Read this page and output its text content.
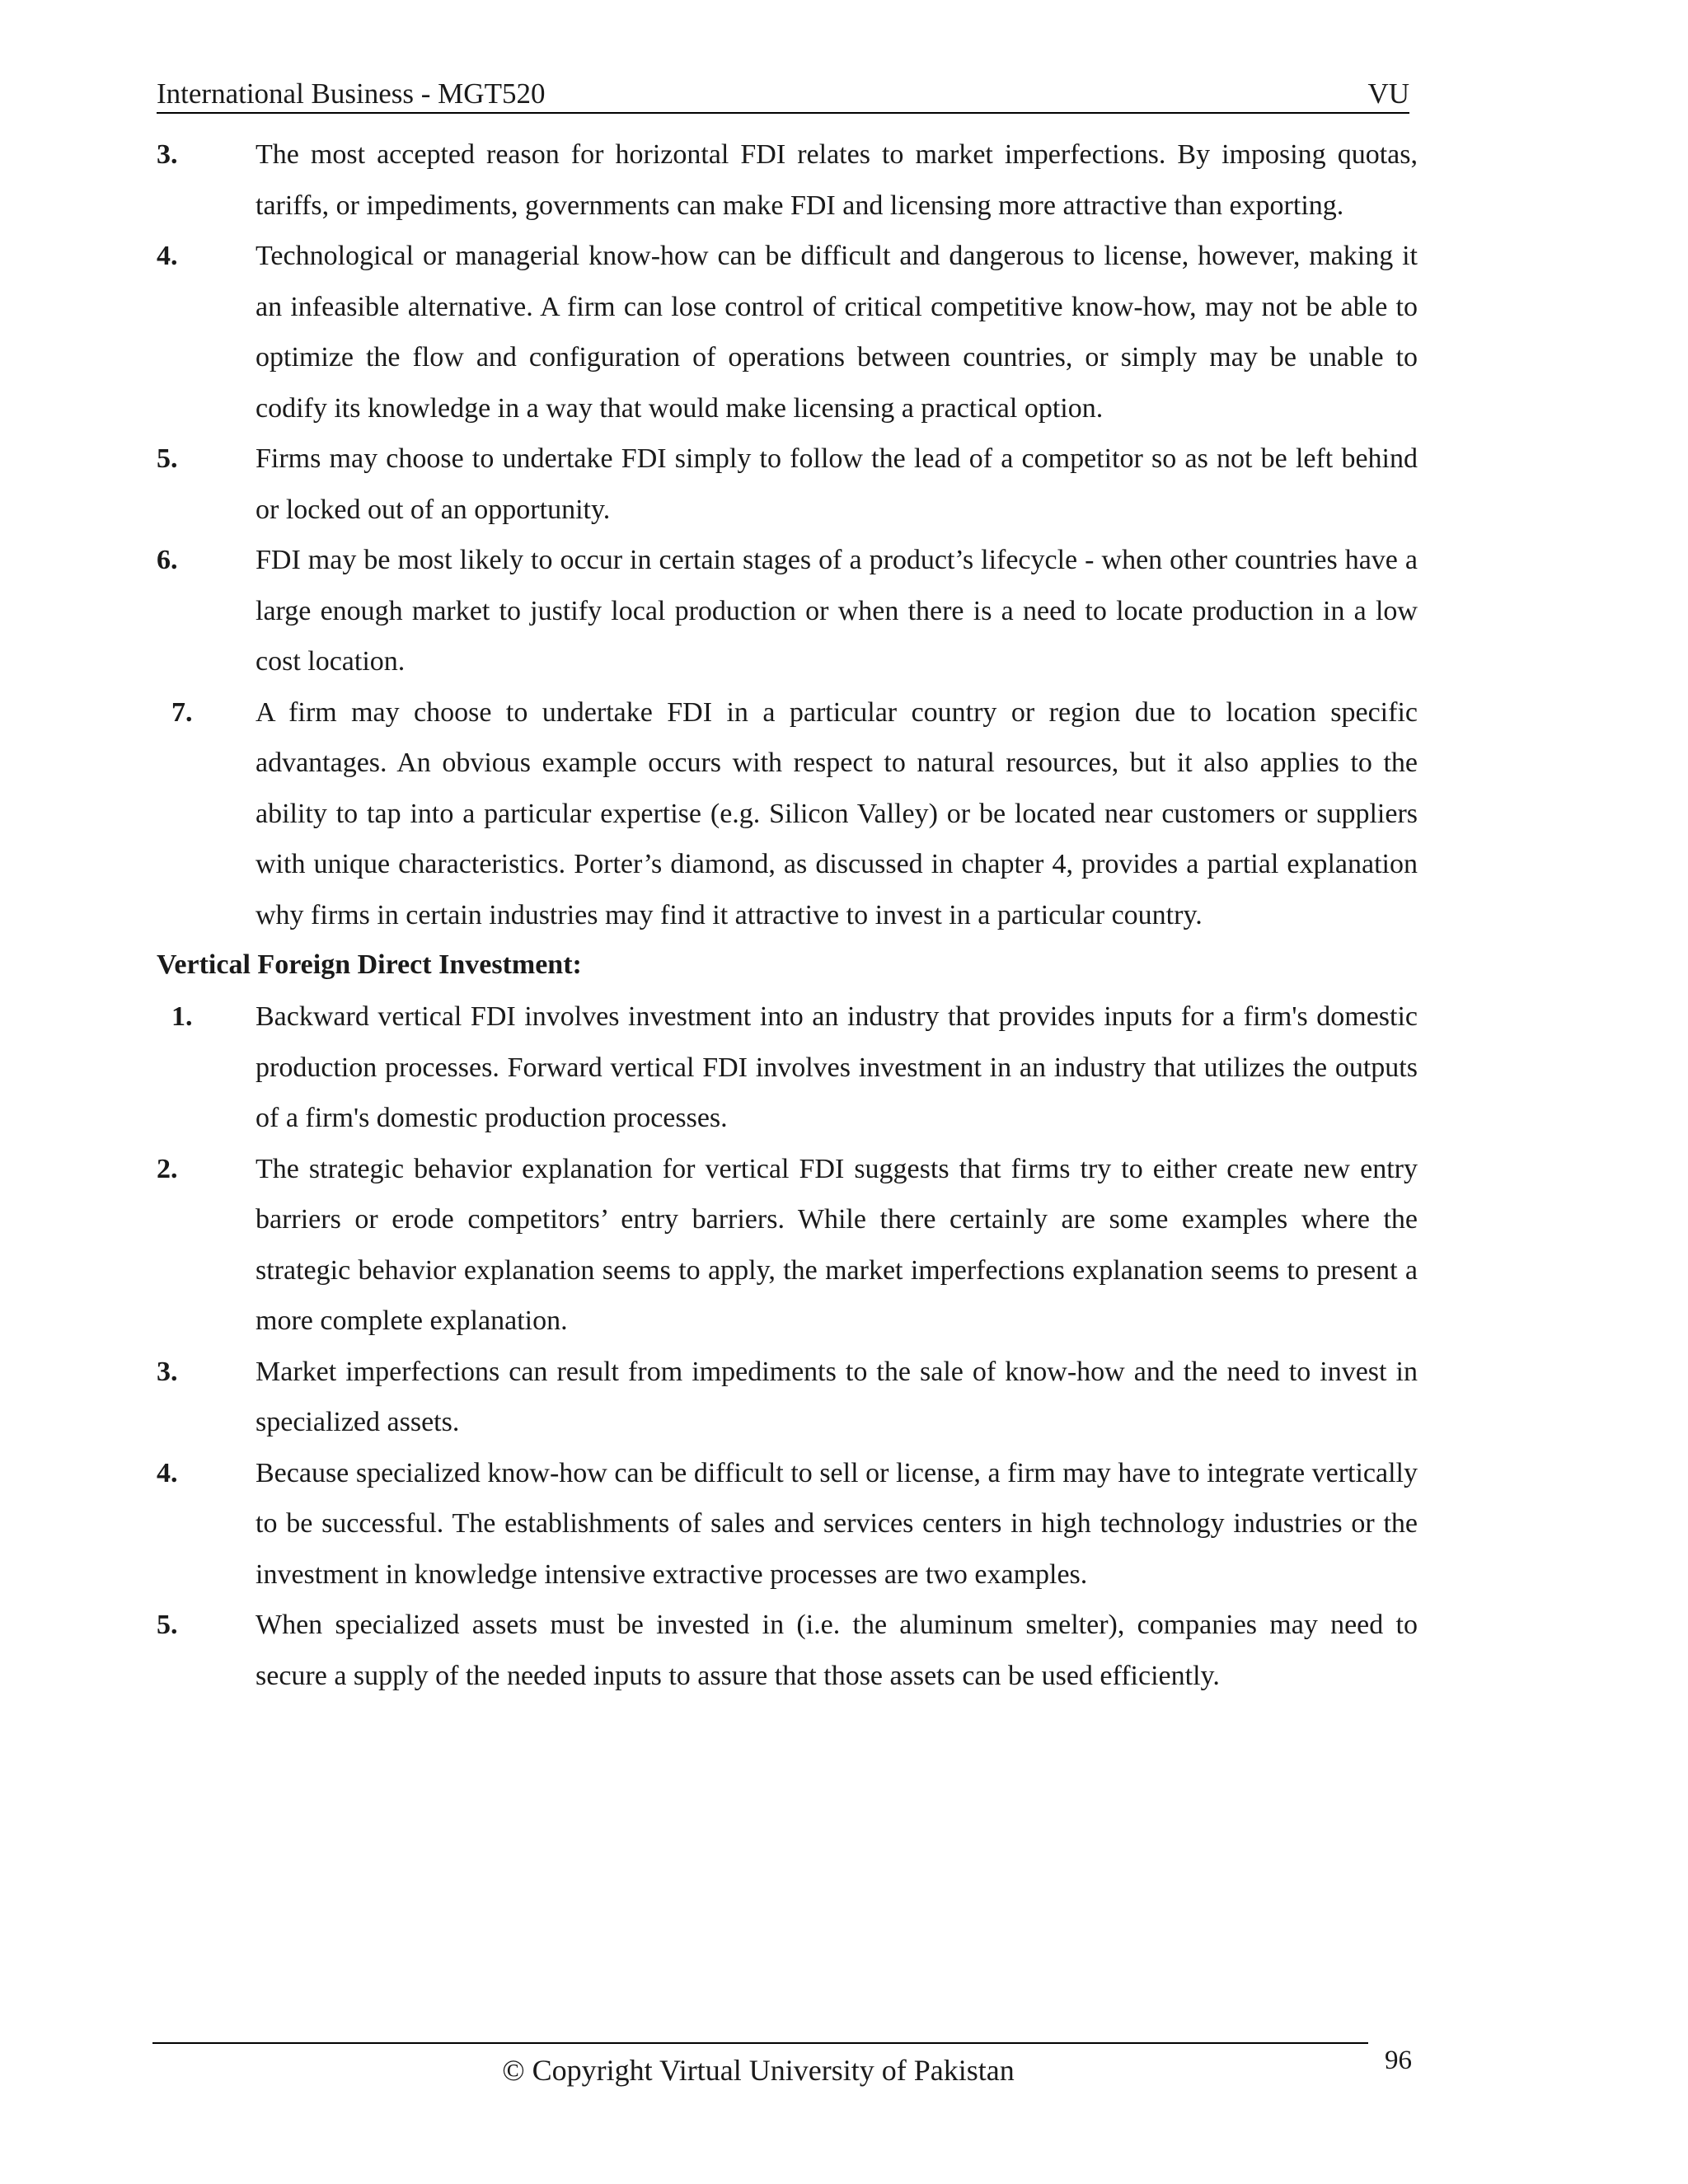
International Business - MGT520	VU
3.	The most accepted reason for horizontal FDI relates to market imperfections. By imposing quotas, tariffs, or impediments, governments can make FDI and licensing more attractive than exporting.
4.	Technological or managerial know-how can be difficult and dangerous to license, however, making it an infeasible alternative. A firm can lose control of critical competitive know-how, may not be able to optimize the flow and configuration of operations between countries, or simply may be unable to codify its knowledge in a way that would make licensing a practical option.
5.	Firms may choose to undertake FDI simply to follow the lead of a competitor so as not be left behind or locked out of an opportunity.
6.	FDI may be most likely to occur in certain stages of a product’s lifecycle - when other countries have a large enough market to justify local production or when there is a need to locate production in a low cost location.
7. A firm may choose to undertake FDI in a particular country or region due to location specific advantages. An obvious example occurs with respect to natural resources, but it also applies to the ability to tap into a particular expertise (e.g. Silicon Valley) or be located near customers or suppliers with unique characteristics. Porter’s diamond, as discussed in chapter 4, provides a partial explanation why firms in certain industries may find it attractive to invest in a particular country.
Vertical Foreign Direct Investment:
1. Backward vertical FDI involves investment into an industry that provides inputs for a firm's domestic production processes. Forward vertical FDI involves investment in an industry that utilizes the outputs of a firm's domestic production processes.
2.	The strategic behavior explanation for vertical FDI suggests that firms try to either create new entry barriers or erode competitors’ entry barriers. While there certainly are some examples where the strategic behavior explanation seems to apply, the market imperfections explanation seems to present a more complete explanation.
3.	Market imperfections can result from impediments to the sale of know-how and the need to invest in specialized assets.
4.	Because specialized know-how can be difficult to sell or license, a firm may have to integrate vertically to be successful. The establishments of sales and services centers in high technology industries or the investment in knowledge intensive extractive processes are two examples.
5.	When specialized assets must be invested in (i.e. the aluminum smelter), companies may need to secure a supply of the needed inputs to assure that those assets can be used efficiently.
© Copyright Virtual University of Pakistan	96
